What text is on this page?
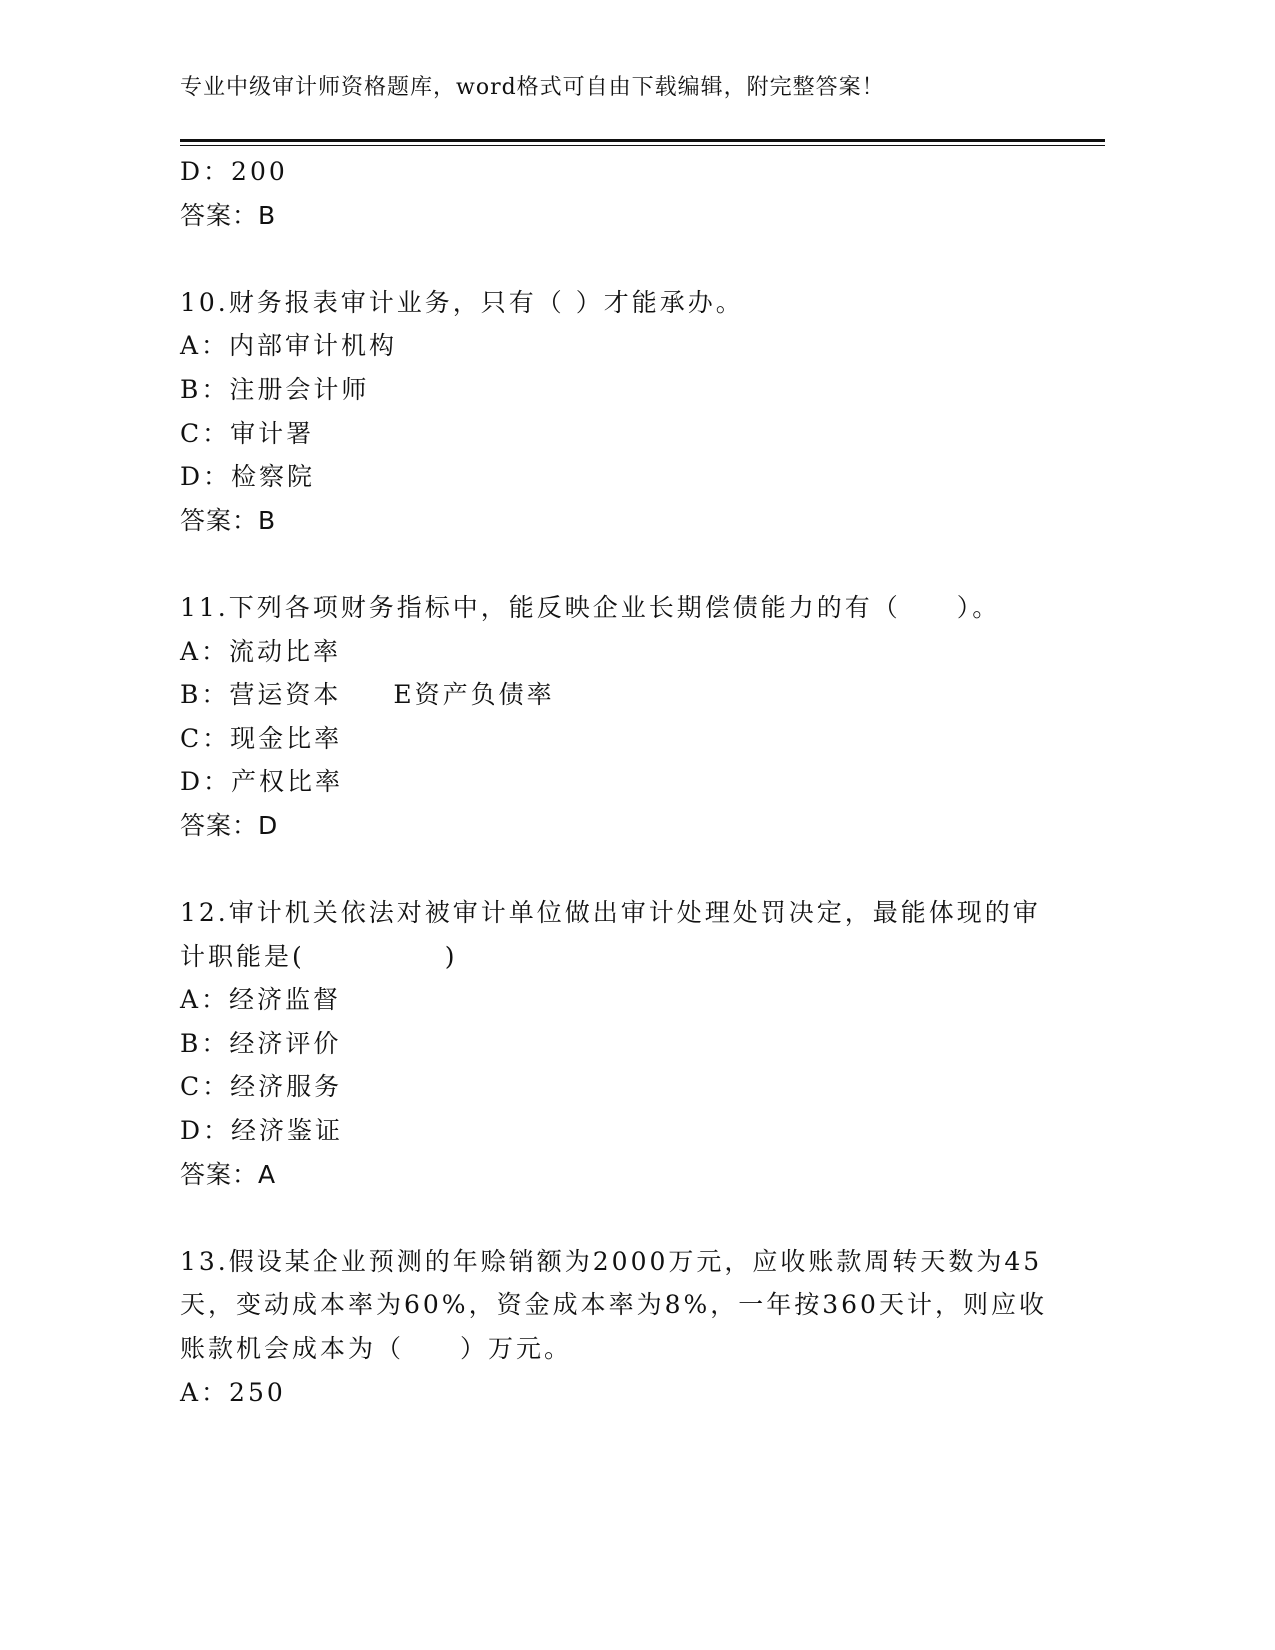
专业中级审计师资格题库，word格式可自由下载编辑，附完整答案！
D：200
答案：B
10.财务报表审计业务，只有（ ）才能承办。
A：内部审计机构
B：注册会计师
C：审计署
D：检察院
答案：B
11.下列各项财务指标中，能反映企业长期偿债能力的有（　　）。
A：流动比率
B：营运资本 E资产负债率
C：现金比率
D：产权比率
答案：D
12.审计机关依法对被审计单位做出审计处理处罚决定，最能体现的审
计职能是(　　　　　)
A：经济监督
B：经济评价
C：经济服务
D：经济鉴证
答案：A
13.假设某企业预测的年赊销额为2000万元，应收账款周转天数为45
天，变动成本率为60%，资金成本率为8%，一年按360天计，则应收
账款机会成本为（　　）万元。
A：250
